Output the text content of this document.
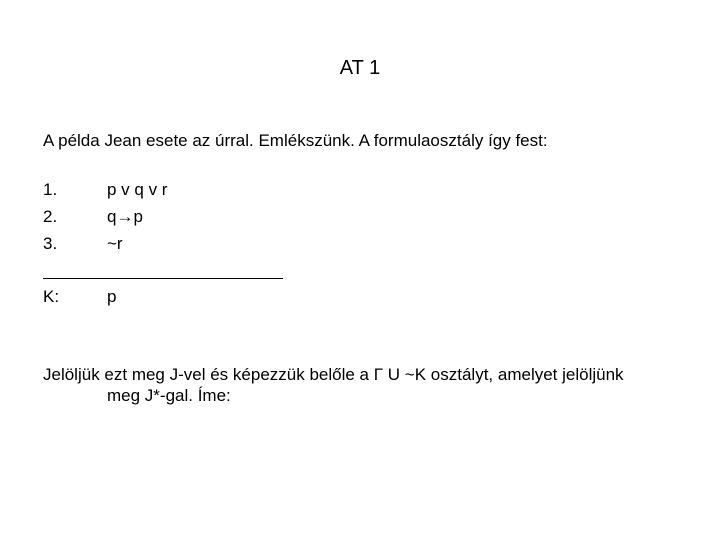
AT 1
A példa Jean esete az úrral. Emlékszünk. A formulaosztály így fest:
1.	p v q v r
2.	q→p
3.	~r
K:	p
Jelöljük ezt meg J-vel és képezzük belőle a Γ U ~K osztályt, amelyet jelöljünk
meg J*-gal. Íme:
